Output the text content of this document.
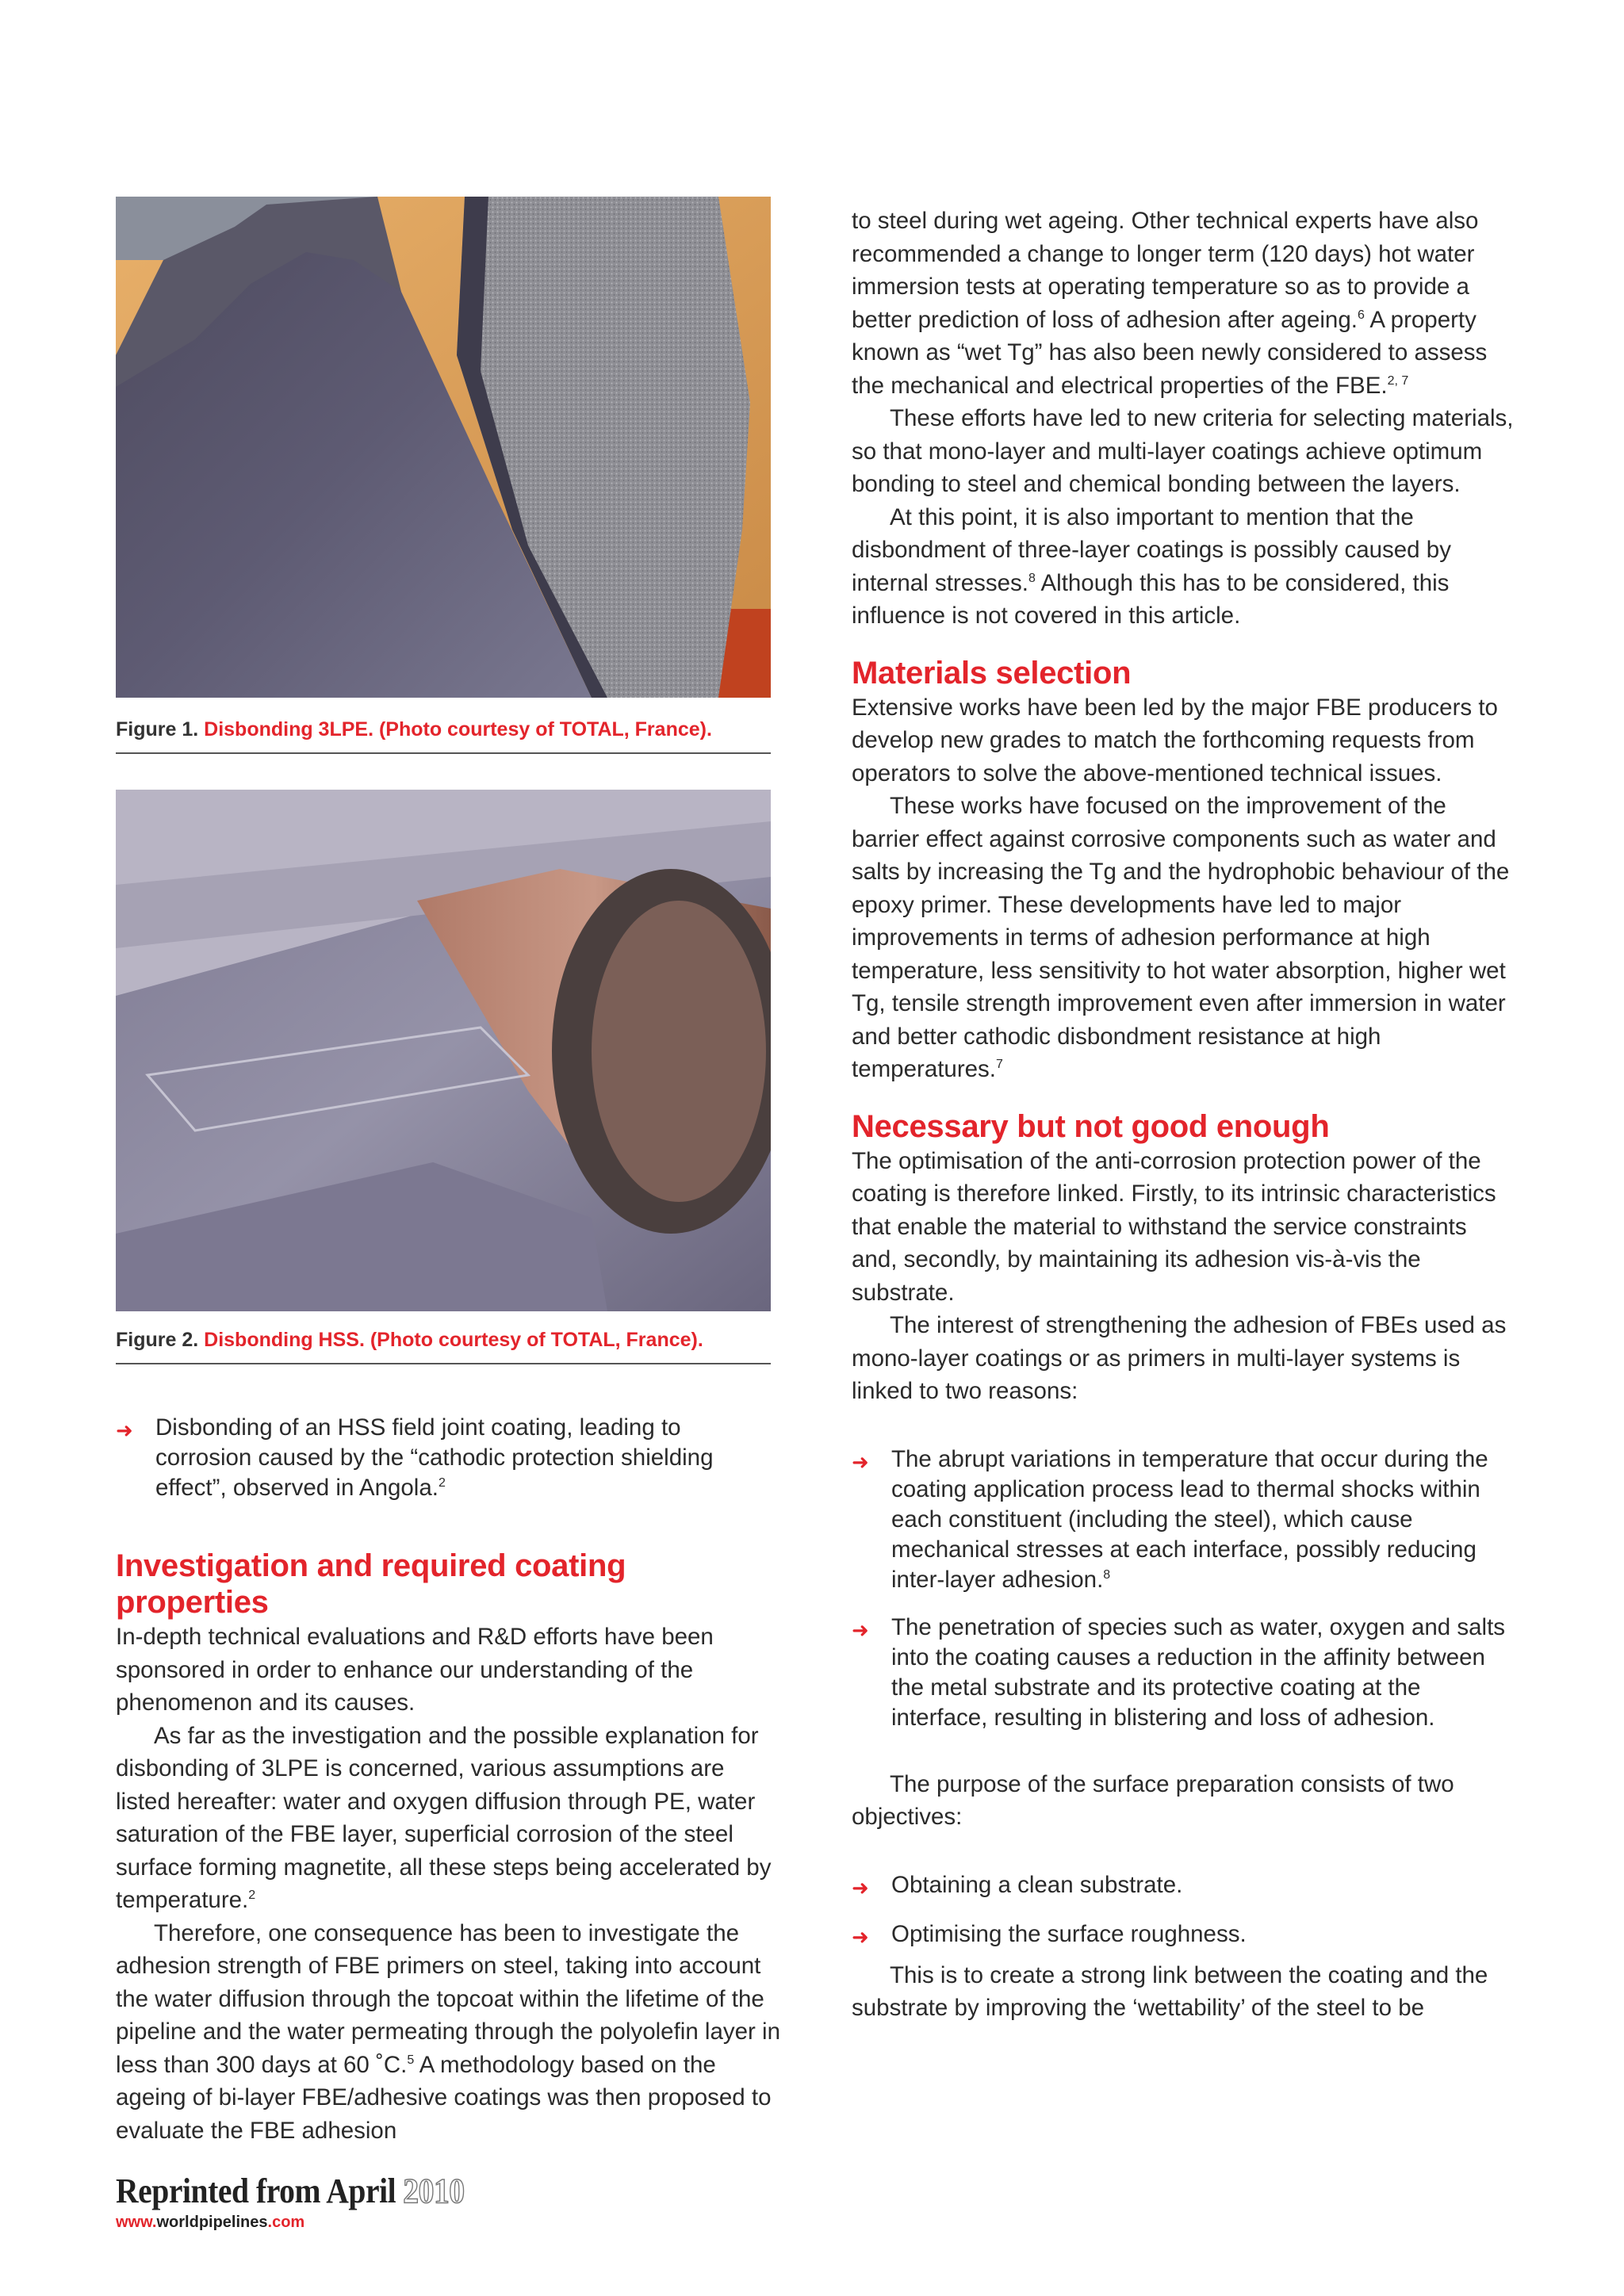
Figure 1. Disbonding 3LPE. (Photo courtesy of TOTAL, France).
Figure 2. Disbonding HSS. (Photo courtesy of TOTAL, France).
➜ Disbonding of an HSS field joint coating, leading to corrosion caused by the “cathodic protection shielding effect”, observed in Angola.$^2$
Investigation and required coating properties

In-depth technical evaluations and R&D efforts have been sponsored in order to enhance our understanding of the phenomenon and its causes.

As far as the investigation and the possible explanation for disbonding of 3LPE is concerned, various assumptions are listed hereafter: water and oxygen diffusion through PE, water saturation of the FBE layer, superficial corrosion of the steel surface forming magnetite, all these steps being accelerated by temperature.$^2$

Therefore, one consequence has been to investigate the adhesion strength of FBE primers on steel, taking into account the water diffusion through the topcoat within the lifetime of the pipeline and the water permeating through the polyolefin layer in less than 300 days at 60 ˚C.$^5$ A methodology based on the ageing of bi-layer FBE/adhesive coatings was then proposed to evaluate the FBE adhesion

to steel during wet ageing. Other technical experts have also recommended a change to longer term (120 days) hot water immersion tests at operating temperature so as to provide a better prediction of loss of adhesion after ageing.$^6$ A property known as “wet Tg” has also been newly considered to assess the mechanical and electrical properties of the FBE.$^{2, 7}$

These efforts have led to new criteria for selecting materials, so that mono-layer and multi-layer coatings achieve optimum bonding to steel and chemical bonding between the layers.

At this point, it is also important to mention that the disbondment of three-layer coatings is possibly caused by internal stresses.$^8$ Although this has to be considered, this influence is not covered in this article.

Materials selection

Extensive works have been led by the major FBE producers to develop new grades to match the forthcoming requests from operators to solve the above-mentioned technical issues.

These works have focused on the improvement of the barrier effect against corrosive components such as water and salts by increasing the Tg and the hydrophobic behaviour of the epoxy primer. These developments have led to major improvements in terms of adhesion performance at high temperature, less sensitivity to hot water absorption, higher wet Tg, tensile strength improvement even after immersion in water and better cathodic disbondment resistance at high temperatures.$^7$

Necessary but not good enough

The optimisation of the anti-corrosion protection power of the coating is therefore linked. Firstly, to its intrinsic characteristics that enable the material to withstand the service constraints and, secondly, by maintaining its adhesion vis-à-vis the substrate.

The interest of strengthening the adhesion of FBEs used as mono-layer coatings or as primers in multi-layer systems is linked to two reasons:

➜ The abrupt variations in temperature that occur during the coating application process lead to thermal shocks within each constituent (including the steel), which cause mechanical stresses at each interface, possibly reducing inter-layer adhesion.$^8$
➜ The penetration of species such as water, oxygen and salts into the coating causes a reduction in the affinity between the metal substrate and its protective coating at the interface, resulting in blistering and loss of adhesion.

The purpose of the surface preparation consists of two objectives:

➜ Obtaining a clean substrate.
➜ Optimising the surface roughness.

This is to create a strong link between the coating and the substrate by improving the ‘wettability’ of the steel to be

Reprinted from April 2010
www.worldpipelines.com
